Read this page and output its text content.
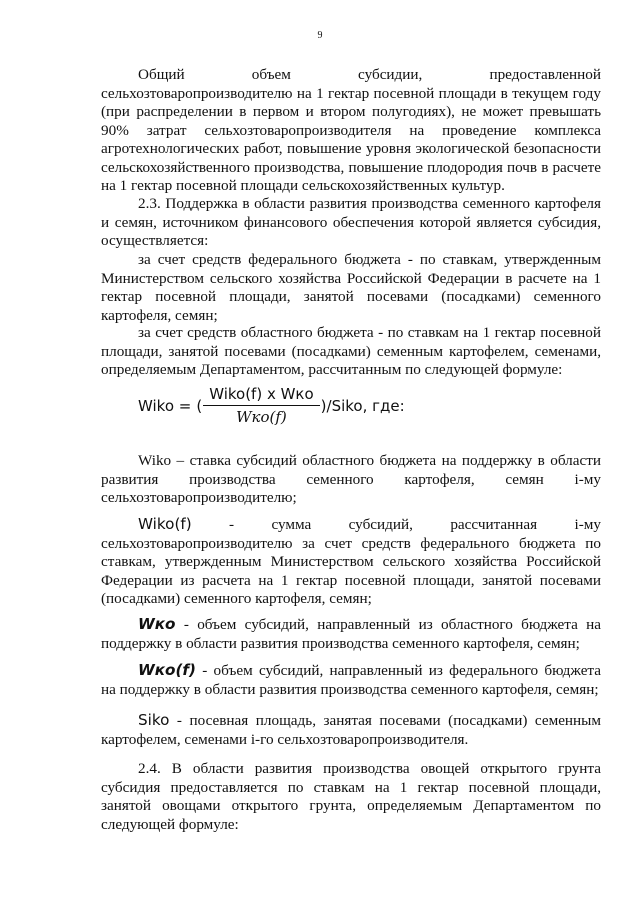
9

Общий объем субсидии, предоставленной сельхозтоваропроизводителю на 1 гектар посевной площади в текущем году (при распределении в первом и втором полугодиях), не может превышать 90% затрат сельхозтоваропроизводителя на проведение комплекса агротехнологических работ, повышение уровня экологической безопасности сельскохозяйственного производства, повышение плодородия почв в расчете на 1 гектар посевной площади сельскохозяйственных культур.

2.3. Поддержка в области развития производства семенного картофеля и семян, источником финансового обеспечения которой является субсидия, осуществляется:

за счет средств федерального бюджета - по ставкам, утвержденным Министерством сельского хозяйства Российской Федерации в расчете на 1 гектар посевной площади, занятой посевами (посадками) семенного картофеля, семян;

за счет средств областного бюджета - по ставкам на 1 гектар посевной площади, занятой посевами (посадками) семенным картофелем, семенами, определяемым Департаментом, рассчитанным по следующей формуле:

Wiko = ( $\frac{\text{Wiko(f) x Wко}}{\text{Wко(f)}}$ )/Siko, где:

Wiko – ставка субсидий областного бюджета на поддержку в области развития производства семенного картофеля, семян i-му сельхозтоваропроизводителю;

Wiko(f) - сумма субсидий, рассчитанная i-му сельхозтоваропроизводителю за счет средств федерального бюджета по ставкам, утвержденным Министерством сельского хозяйства Российской Федерации из расчета на 1 гектар посевной площади, занятой посевами (посадками) семенного картофеля, семян;

Wко - объем субсидий, направленный из областного бюджета на поддержку в области развития производства семенного картофеля, семян;

Wко(f) - объем субсидий, направленный из федерального бюджета на поддержку в области развития производства семенного картофеля, семян;

Siko - посевная площадь, занятая посевами (посадками) семенным картофелем, семенами i-го сельхозтоваропроизводителя.

2.4. В области развития производства овощей открытого грунта субсидия предоставляется по ставкам на 1 гектар посевной площади, занятой овощами открытого грунта, определяемым Департаментом по следующей формуле:
